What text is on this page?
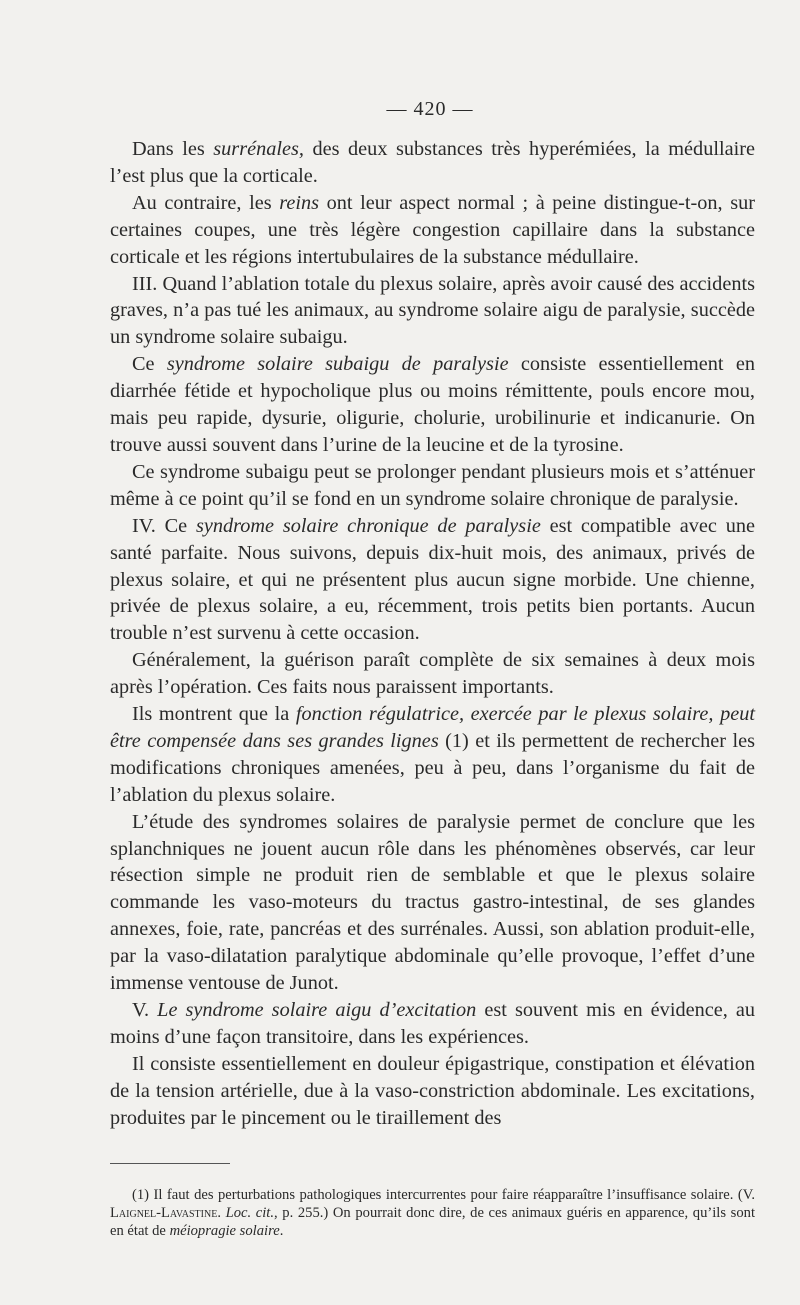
— 420 —

Dans les surrénales, des deux substances très hyperémiées, la médullaire l’est plus que la corticale.

Au contraire, les reins ont leur aspect normal ; à peine distingue-t-on, sur certaines coupes, une très légère congestion capillaire dans la substance corticale et les régions intertubulaires de la substance médullaire.

III. Quand l’ablation totale du plexus solaire, après avoir causé des accidents graves, n’a pas tué les animaux, au syndrome solaire aigu de paralysie, succède un syndrome solaire subaigu.

Ce syndrome solaire subaigu de paralysie consiste essentiellement en diarrhée fétide et hypocholique plus ou moins rémittente, pouls encore mou, mais peu rapide, dysurie, oligurie, cholurie, urobilinurie et indicanurie. On trouve aussi souvent dans l’urine de la leucine et de la tyrosine.

Ce syndrome subaigu peut se prolonger pendant plusieurs mois et s’atténuer même à ce point qu’il se fond en un syndrome solaire chronique de paralysie.

IV. Ce syndrome solaire chronique de paralysie est compatible avec une santé parfaite. Nous suivons, depuis dix-huit mois, des animaux, privés de plexus solaire, et qui ne présentent plus aucun signe morbide. Une chienne, privée de plexus solaire, a eu, récemment, trois petits bien portants. Aucun trouble n’est survenu à cette occasion.

Généralement, la guérison paraît complète de six semaines à deux mois après l’opération. Ces faits nous paraissent importants.

Ils montrent que la fonction régulatrice, exercée par le plexus solaire, peut être compensée dans ses grandes lignes (1) et ils permettent de rechercher les modifications chroniques amenées, peu à peu, dans l’organisme du fait de l’ablation du plexus solaire.

L’étude des syndromes solaires de paralysie permet de conclure que les splanchniques ne jouent aucun rôle dans les phénomènes observés, car leur résection simple ne produit rien de semblable et que le plexus solaire commande les vaso-moteurs du tractus gastro-intestinal, de ses glandes annexes, foie, rate, pancréas et des surrénales. Aussi, son ablation produit-elle, par la vaso-dilatation paralytique abdominale qu’elle provoque, l’effet d’une immense ventouse de Junot.

V. Le syndrome solaire aigu d’excitation est souvent mis en évidence, au moins d’une façon transitoire, dans les expériences.

Il consiste essentiellement en douleur épigastrique, constipation et élévation de la tension artérielle, due à la vaso-constriction abdominale. Les excitations, produites par le pincement ou le tiraillement des

(1) Il faut des perturbations pathologiques intercurrentes pour faire réapparaître l’insuffisance solaire. (V. Laignel-Lavastine. Loc. cit., p. 255.) On pourrait donc dire, de ces animaux guéris en apparence, qu’ils sont en état de méiopragie solaire.
